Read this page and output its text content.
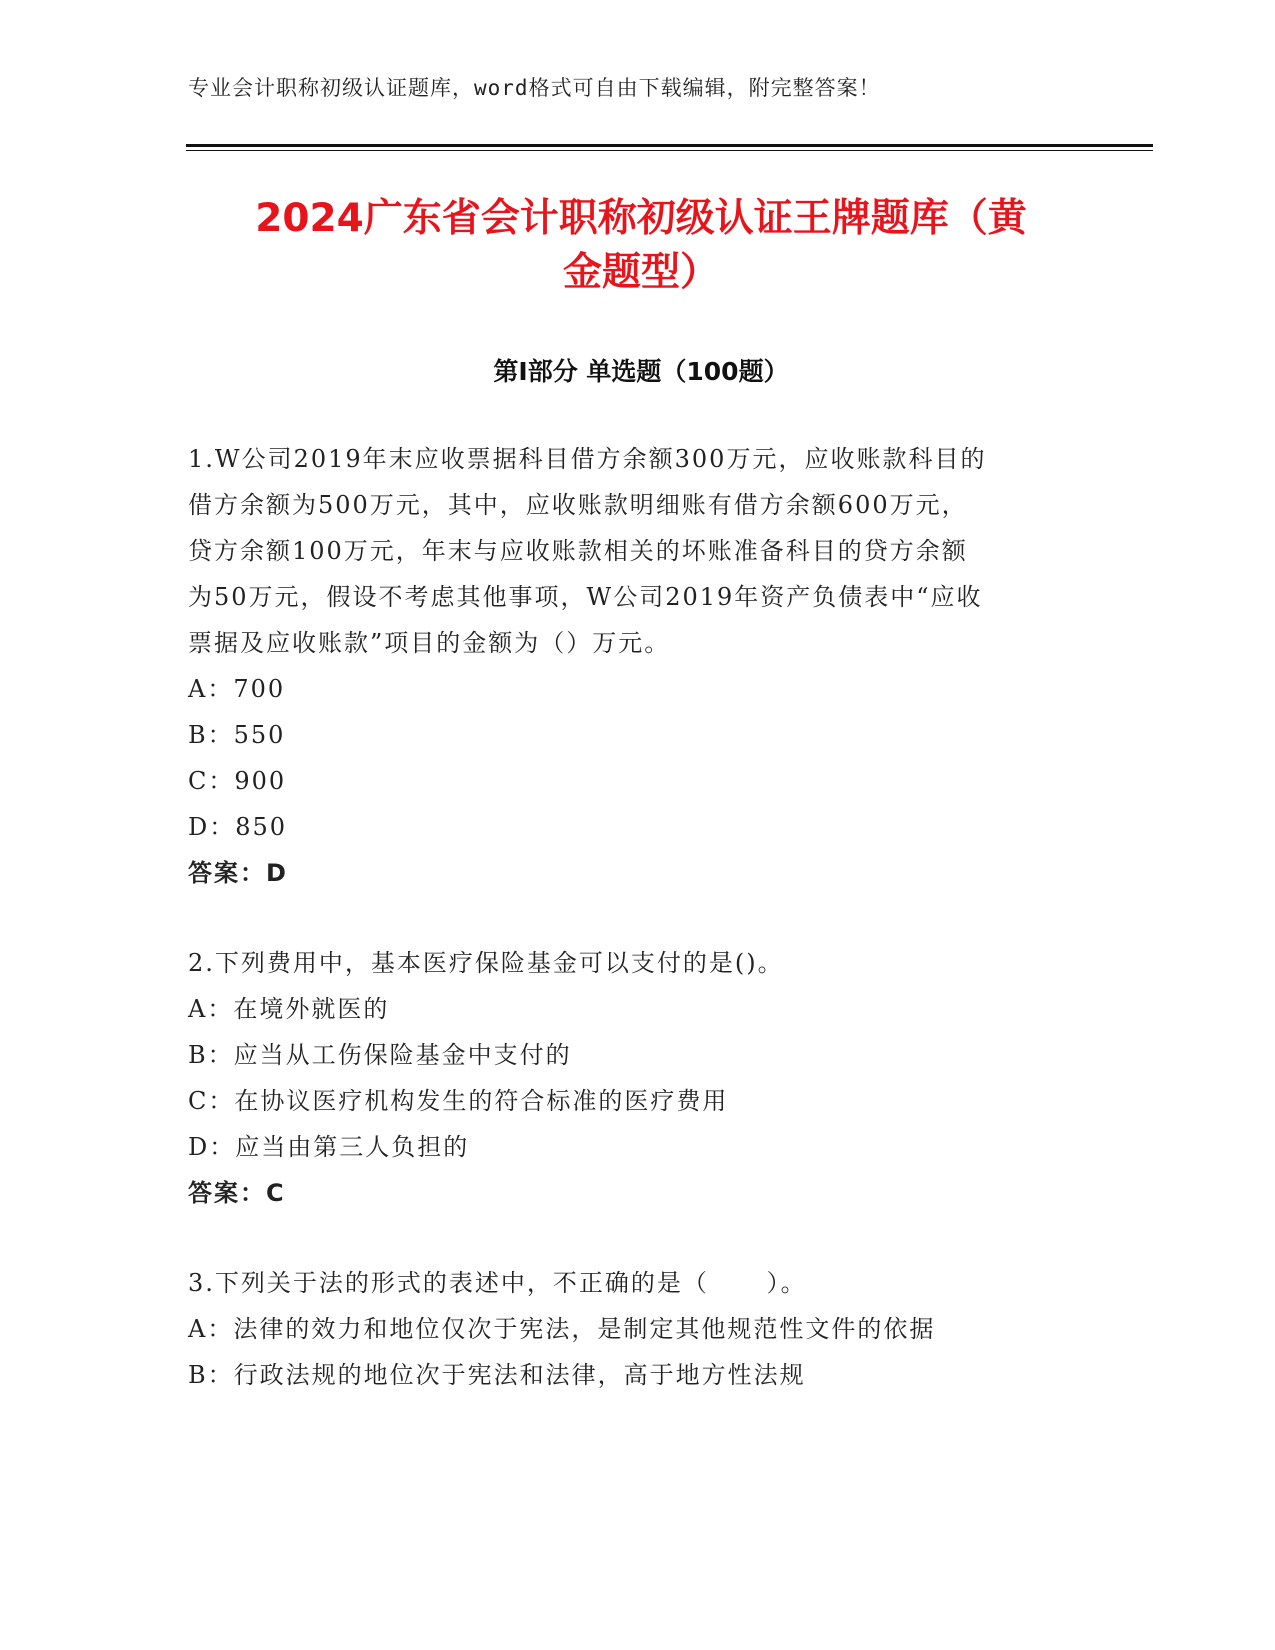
专业会计职称初级认证题库，word格式可自由下载编辑，附完整答案！
2024广东省会计职称初级认证王牌题库（黄
金题型）
第Ⅰ部分 单选题（100题）

1.W公司2019年末应收票据科目借方余额300万元，应收账款科目的

借方余额为500万元，其中，应收账款明细账有借方余额600万元，

贷方余额100万元，年末与应收账款相关的坏账准备科目的贷方余额

为50万元，假设不考虑其他事项，W公司2019年资产负债表中“应收

票据及应收账款”项目的金额为（）万元。

A：700

B：550

C：900

D：850

答案：D

2.下列费用中，基本医疗保险基金可以支付的是()。

A：在境外就医的

B：应当从工伤保险基金中支付的

C：在协议医疗机构发生的符合标准的医疗费用

D：应当由第三人负担的

答案：C

3.下列关于法的形式的表述中，不正确的是（      ）。

A：法律的效力和地位仅次于宪法，是制定其他规范性文件的依据

B：行政法规的地位次于宪法和法律，高于地方性法规
